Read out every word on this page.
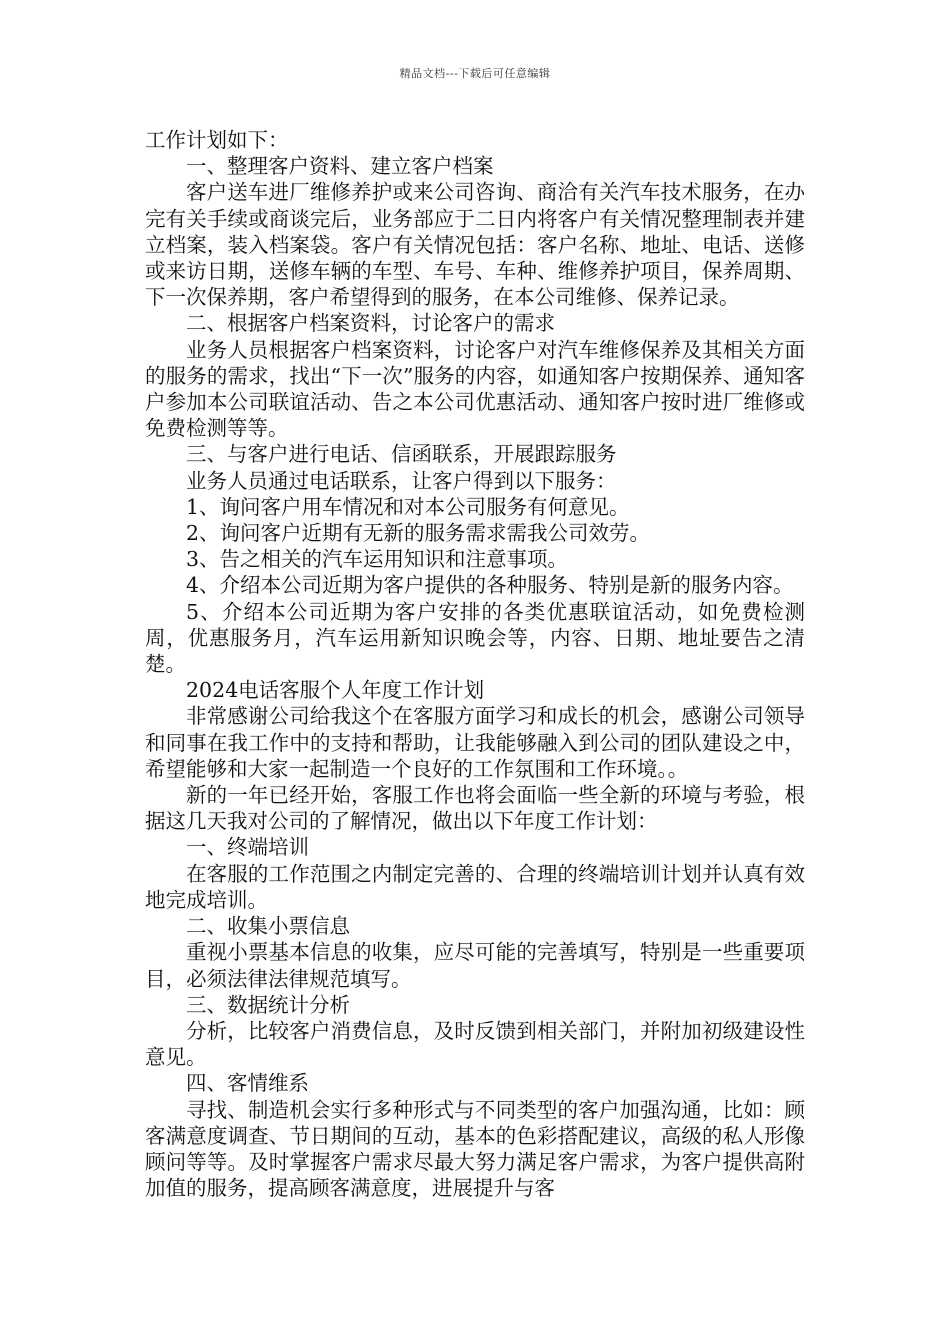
精品文档---下载后可任意编辑

工作计划如下：

一、整理客户资料、建立客户档案

客户送车进厂维修养护或来公司咨询、商洽有关汽车技术服务，在办完有关手续或商谈完后，业务部应于二日内将客户有关情况整理制表并建立档案，装入档案袋。客户有关情况包括：客户名称、地址、电话、送修或来访日期，送修车辆的车型、车号、车种、维修养护项目，保养周期、下一次保养期，客户希望得到的服务，在本公司维修、保养记录。

二、根据客户档案资料，讨论客户的需求

业务人员根据客户档案资料，讨论客户对汽车维修保养及其相关方面的服务的需求，找出“下一次”服务的内容，如通知客户按期保养、通知客户参加本公司联谊活动、告之本公司优惠活动、通知客户按时进厂维修或免费检测等等。

三、与客户进行电话、信函联系，开展跟踪服务

业务人员通过电话联系，让客户得到以下服务：

1、询问客户用车情况和对本公司服务有何意见。

2、询问客户近期有无新的服务需求需我公司效劳。

3、告之相关的汽车运用知识和注意事项。

4、介绍本公司近期为客户提供的各种服务、特别是新的服务内容。

5、介绍本公司近期为客户安排的各类优惠联谊活动，如免费检测周，优惠服务月，汽车运用新知识晚会等，内容、日期、地址要告之清楚。

2024电话客服个人年度工作计划

非常感谢公司给我这个在客服方面学习和成长的机会，感谢公司领导和同事在我工作中的支持和帮助，让我能够融入到公司的团队建设之中，希望能够和大家一起制造一个良好的工作氛围和工作环境。。

新的一年已经开始，客服工作也将会面临一些全新的环境与考验，根据这几天我对公司的了解情况，做出以下年度工作计划：

一、终端培训

在客服的工作范围之内制定完善的、合理的终端培训计划并认真有效地完成培训。

二、收集小票信息

重视小票基本信息的收集，应尽可能的完善填写，特别是一些重要项目，必须法律法律规范填写。

三、数据统计分析

分析，比较客户消费信息，及时反馈到相关部门，并附加初级建设性意见。

四、客情维系

寻找、制造机会实行多种形式与不同类型的客户加强沟通，比如：顾客满意度调查、节日期间的互动，基本的色彩搭配建议，高级的私人形像顾问等等。及时掌握客户需求尽最大努力满足客户需求，为客户提供高附加值的服务，提高顾客满意度，进展提升与客
